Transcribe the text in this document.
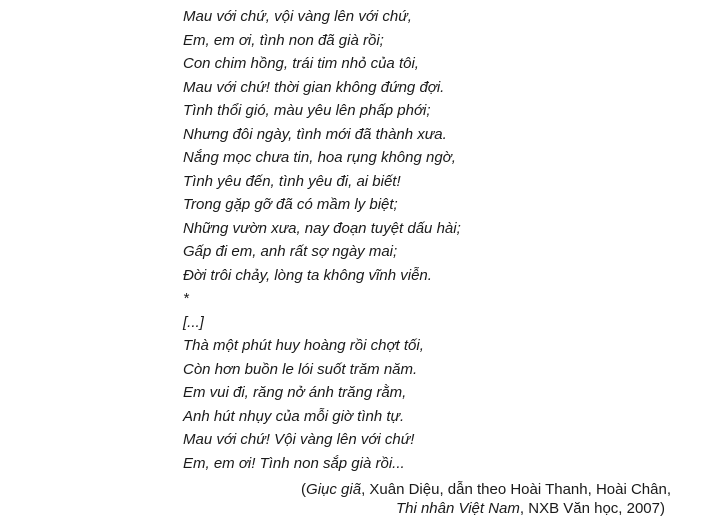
Mau với chứ, vội vàng lên với chứ,
Em, em ơi, tình non đã già rồi;
Con chim hồng, trái tim nhỏ của tôi,
Mau với chứ! thời gian không đứng đợi.
Tình thổi gió, màu yêu lên phấp phới;
Nhưng đôi ngày, tình mới đã thành xưa.
Nắng mọc chưa tin, hoa rụng không ngờ,
Tình yêu đến, tình yêu đi, ai biết!
Trong gặp gỡ đã có mầm ly biệt;
Những vườn xưa, nay đoạn tuyệt dấu hài;
Gấp đi em, anh rất sợ ngày mai;
Đời trôi chảy, lòng ta không vĩnh viễn.
*
[...]
Thà một phút huy hoàng rồi chợt tối,
Còn hơn buồn le lói suốt trăm năm.
Em vui đi, răng nở ánh trăng rằm,
Anh hút nhụy của mỗi giờ tình tự.
Mau với chứ! Vội vàng lên với chứ!
Em, em ơi! Tình non sắp già rồi...
(Giục giã, Xuân Diệu, dẫn theo Hoài Thanh, Hoài Chân,
Thi nhân Việt Nam, NXB Văn học, 2007)
